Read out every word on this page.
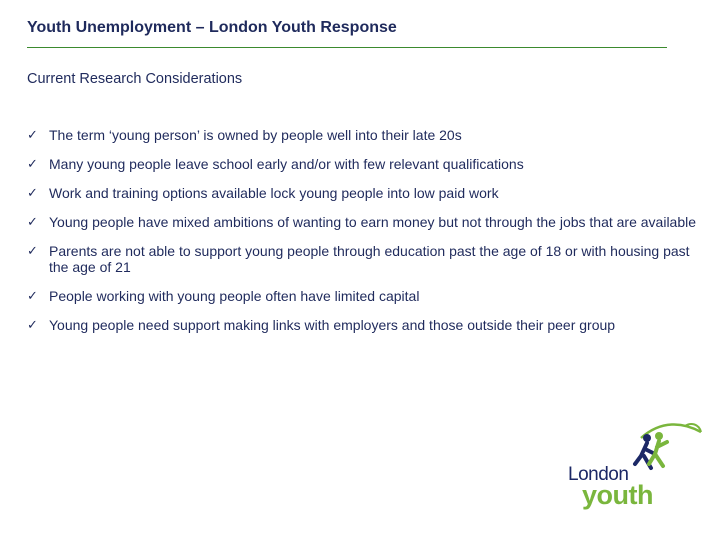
Youth Unemployment – London Youth Response
Current Research Considerations
✓ The term ‘young person’ is owned by people well into their late 20s
✓ Many young people leave school early and/or with few relevant qualifications
✓ Work and training options available lock young people into low paid work
✓ Young people have mixed ambitions of wanting to earn money but not through the jobs that are available
✓ Parents are not able to support young people through education past the age of 18 or with housing past the age of 21
✓ People working with young people often have limited capital
✓ Young people need support making links with employers and those outside their peer group
London
youth
